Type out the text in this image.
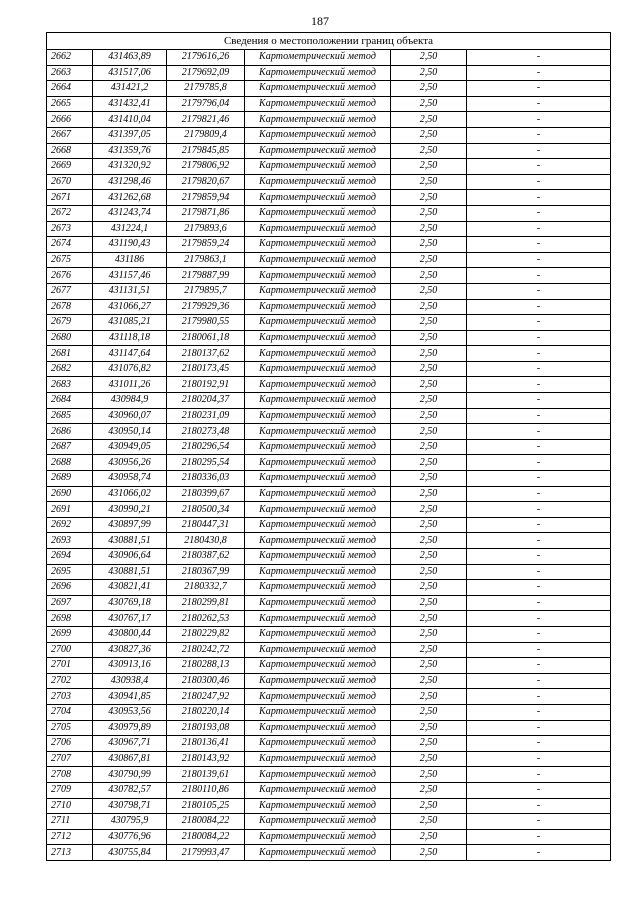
187
Сведения о местоположении границ объекта					
2662	431463,89	2179616,26	Картометрический метод	2,50	-
2663	431517,06	2179692,09	Картометрический метод	2,50	-
2664	431421,2	2179785,8	Картометрический метод	2,50	-
2665	431432,41	2179796,04	Картометрический метод	2,50	-
2666	431410,04	2179821,46	Картометрический метод	2,50	-
2667	431397,05	2179809,4	Картометрический метод	2,50	-
2668	431359,76	2179845,85	Картометрический метод	2,50	-
2669	431320,92	2179806,92	Картометрический метод	2,50	-
2670	431298,46	2179820,67	Картометрический метод	2,50	-
2671	431262,68	2179859,94	Картометрический метод	2,50	-
2672	431243,74	2179871,86	Картометрический метод	2,50	-
2673	431224,1	2179893,6	Картометрический метод	2,50	-
2674	431190,43	2179859,24	Картометрический метод	2,50	-
2675	431186	2179863,1	Картометрический метод	2,50	-
2676	431157,46	2179887,99	Картометрический метод	2,50	-
2677	431131,51	2179895,7	Картометрический метод	2,50	-
2678	431066,27	2179929,36	Картометрический метод	2,50	-
2679	431085,21	2179980,55	Картометрический метод	2,50	-
2680	431118,18	2180061,18	Картометрический метод	2,50	-
2681	431147,64	2180137,62	Картометрический метод	2,50	-
2682	431076,82	2180173,45	Картометрический метод	2,50	-
2683	431011,26	2180192,91	Картометрический метод	2,50	-
2684	430984,9	2180204,37	Картометрический метод	2,50	-
2685	430960,07	2180231,09	Картометрический метод	2,50	-
2686	430950,14	2180273,48	Картометрический метод	2,50	-
2687	430949,05	2180296,54	Картометрический метод	2,50	-
2688	430956,26	2180295,54	Картометрический метод	2,50	-
2689	430958,74	2180336,03	Картометрический метод	2,50	-
2690	431066,02	2180399,67	Картометрический метод	2,50	-
2691	430990,21	2180500,34	Картометрический метод	2,50	-
2692	430897,99	2180447,31	Картометрический метод	2,50	-
2693	430881,51	2180430,8	Картометрический метод	2,50	-
2694	430906,64	2180387,62	Картометрический метод	2,50	-
2695	430881,51	2180367,99	Картометрический метод	2,50	-
2696	430821,41	2180332,7	Картометрический метод	2,50	-
2697	430769,18	2180299,81	Картометрический метод	2,50	-
2698	430767,17	2180262,53	Картометрический метод	2,50	-
2699	430800,44	2180229,82	Картометрический метод	2,50	-
2700	430827,36	2180242,72	Картометрический метод	2,50	-
2701	430913,16	2180288,13	Картометрический метод	2,50	-
2702	430938,4	2180300,46	Картометрический метод	2,50	-
2703	430941,85	2180247,92	Картометрический метод	2,50	-
2704	430953,56	2180220,14	Картометрический метод	2,50	-
2705	430979,89	2180193,08	Картометрический метод	2,50	-
2706	430967,71	2180136,41	Картометрический метод	2,50	-
2707	430867,81	2180143,92	Картометрический метод	2,50	-
2708	430790,99	2180139,61	Картометрический метод	2,50	-
2709	430782,57	2180110,86	Картометрический метод	2,50	-
2710	430798,71	2180105,25	Картометрический метод	2,50	-
2711	430795,9	2180084,22	Картометрический метод	2,50	-
2712	430776,96	2180084,22	Картометрический метод	2,50	-
2713	430755,84	2179993,47	Картометрический метод	2,50	-
